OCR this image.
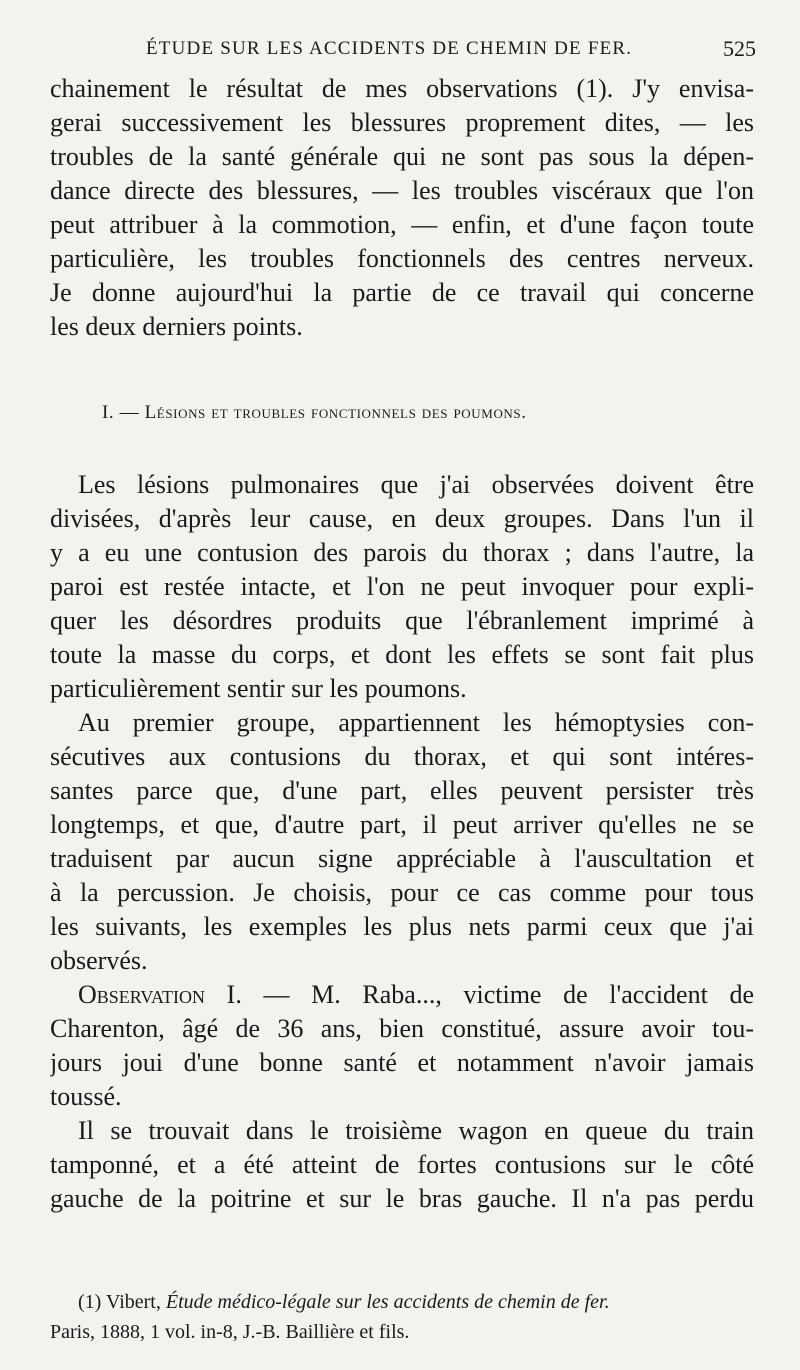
ÉTUDE SUR LES ACCIDENTS DE CHEMIN DE FER.	525
chainement le résultat de mes observations (1). J'y envisa-
gerai successivement les blessures proprement dites, — les
troubles de la santé générale qui ne sont pas sous la dépen-
dance directe des blessures, — les troubles viscéraux que l'on
peut attribuer à la commotion, — enfin, et d'une façon toute
particulière, les troubles fonctionnels des centres nerveux.
Je donne aujourd'hui la partie de ce travail qui concerne
les deux derniers points.
I. — Lésions et troubles fonctionnels des poumons.
Les lésions pulmonaires que j'ai observées doivent être
divisées, d'après leur cause, en deux groupes. Dans l'un il
y a eu une contusion des parois du thorax ; dans l'autre, la
paroi est restée intacte, et l'on ne peut invoquer pour expli-
quer les désordres produits que l'ébranlement imprimé à
toute la masse du corps, et dont les effets se sont fait plus
particulièrement sentir sur les poumons.
Au premier groupe, appartiennent les hémoptysies con-
sécutives aux contusions du thorax, et qui sont intéres-
santes parce que, d'une part, elles peuvent persister très
longtemps, et que, d'autre part, il peut arriver qu'elles ne se
traduisent par aucun signe appréciable à l'auscultation et
à la percussion. Je choisis, pour ce cas comme pour tous
les suivants, les exemples les plus nets parmi ceux que j'ai
observés.
Observation I. — M. Raba..., victime de l'accident de
Charenton, âgé de 36 ans, bien constitué, assure avoir tou-
jours joui d'une bonne santé et notamment n'avoir jamais
toussé.
Il se trouvait dans le troisième wagon en queue du train
tamponné, et a été atteint de fortes contusions sur le côté
gauche de la poitrine et sur le bras gauche. Il n'a pas perdu
(1) Vibert, Étude médico-légale sur les accidents de chemin de fer.
Paris, 1888, 1 vol. in-8, J.-B. Baillière et fils.
